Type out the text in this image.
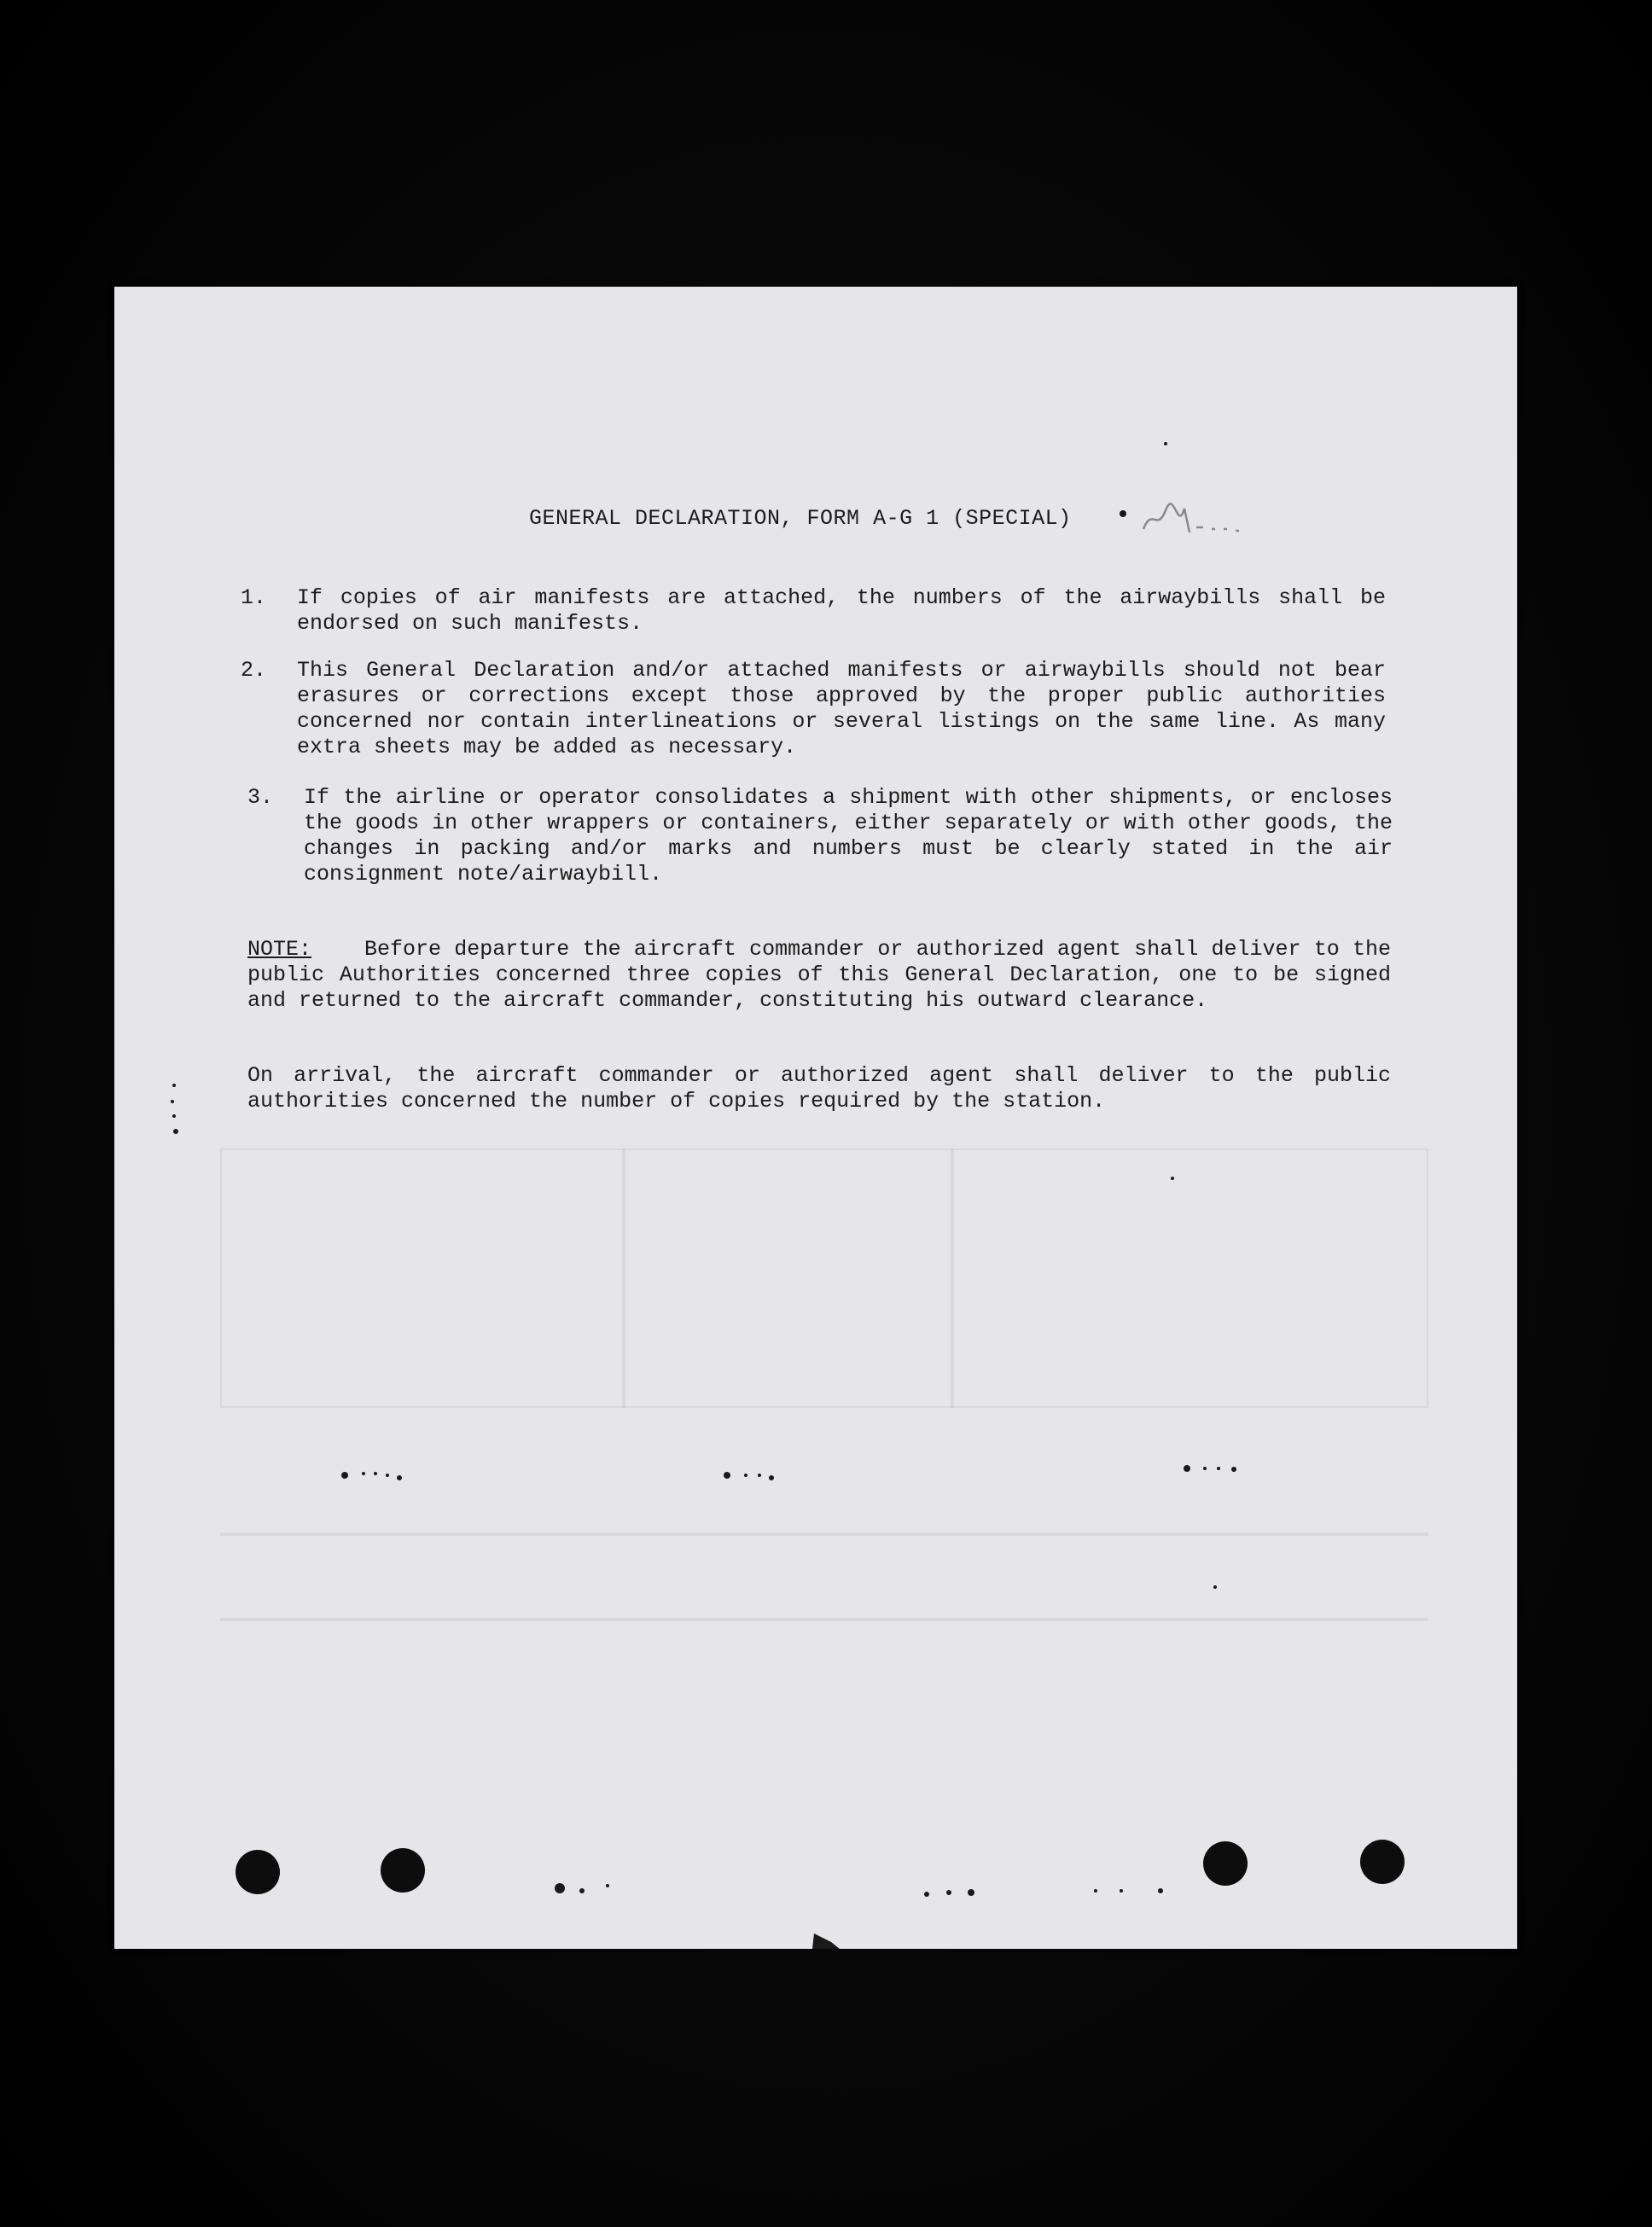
GENERAL DECLARATION, FORM A-G 1 (SPECIAL)
1.	If copies of air manifests are attached, the numbers of the airwaybills shall be endorsed on such manifests.
2.	This General Declaration and/or attached manifests or airwaybills should not bear erasures or corrections except those approved by the proper public authorities concerned nor contain interlineations or several listings on the same line. As many extra sheets may be added as necessary.
3.	If the airline or operator consolidates a shipment with other shipments, or encloses the goods in other wrappers or containers, either separately or with other goods, the changes in packing and/or marks and numbers must be clearly stated in the air consignment note/airwaybill.
NOTE: Before departure the aircraft commander or authorized agent shall deliver to the public Authorities concerned three copies of this General Declaration, one to be signed and returned to the aircraft commander, constituting his outward clearance.
On arrival, the aircraft commander or authorized agent shall deliver to the public authorities concerned the number of copies required by the station.
